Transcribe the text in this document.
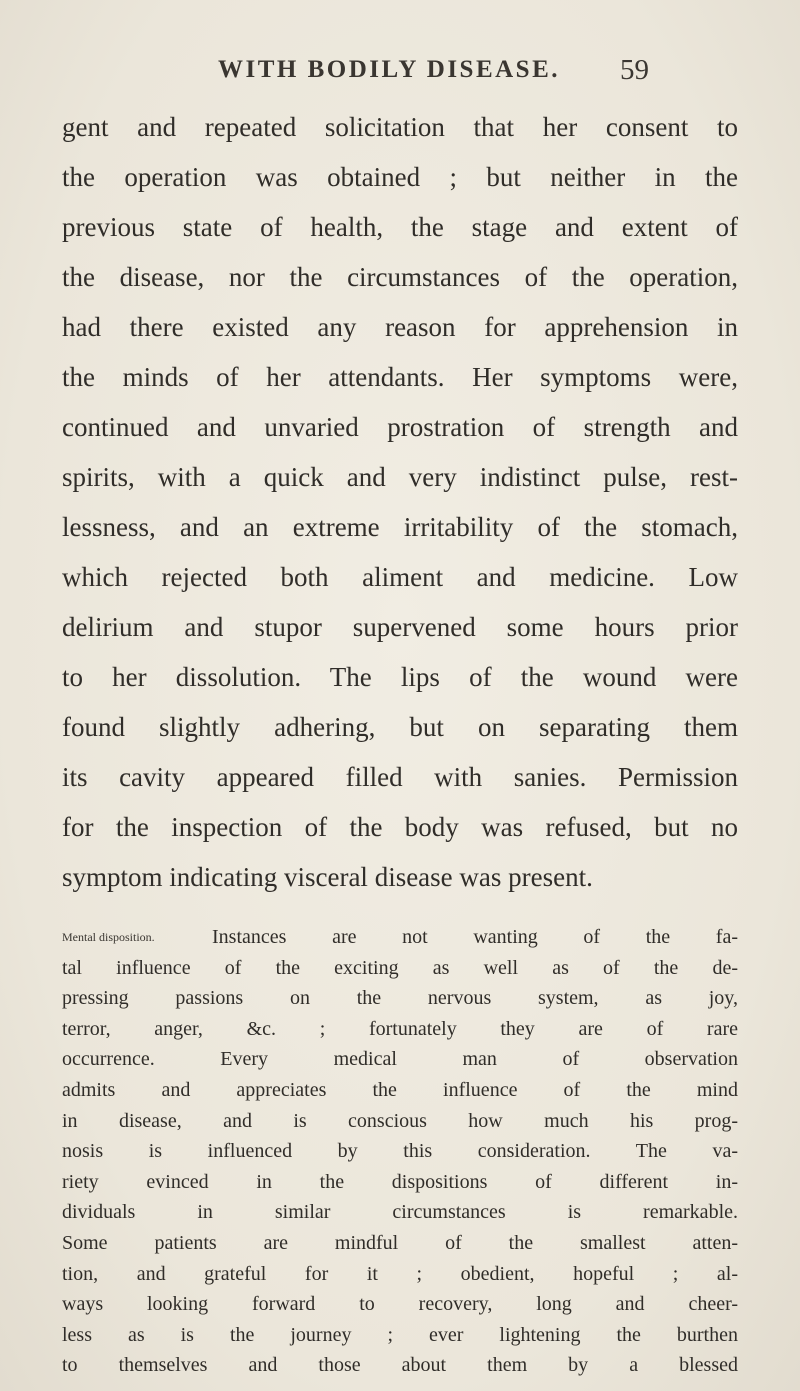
WITH BODILY DISEASE. 59
gent and repeated solicitation that her consent to
the operation was obtained ; but neither in the
previous state of health, the stage and extent of
the disease, nor the circumstances of the operation,
had there existed any reason for apprehension in
the minds of her attendants. Her symptoms were,
continued and unvaried prostration of strength and
spirits, with a quick and very indistinct pulse, rest-
lessness, and an extreme irritability of the stomach,
which rejected both aliment and medicine. Low
delirium and stupor supervened some hours prior
to her dissolution. The lips of the wound were
found slightly adhering, but on separating them
its cavity appeared filled with sanies. Permission
for the inspection of the body was refused, but no
symptom indicating visceral disease was present.
Mental disposition.	Instances are not wanting of the fa-
tal influence of the exciting as well as of the de-
pressing passions on the nervous system, as joy,
terror, anger, &c. ; fortunately they are of rare
occurrence. Every medical man of observation
admits and appreciates the influence of the mind
in disease, and is conscious how much his prog-
nosis is influenced by this consideration. The va-
riety evinced in the dispositions of different in-
dividuals in similar circumstances is remarkable.
Some patients are mindful of the smallest atten-
tion, and grateful for it ; obedient, hopeful ; al-
ways looking forward to recovery, long and cheer-
less as is the journey ; ever lightening the burthen
to themselves and those about them by a blessed
